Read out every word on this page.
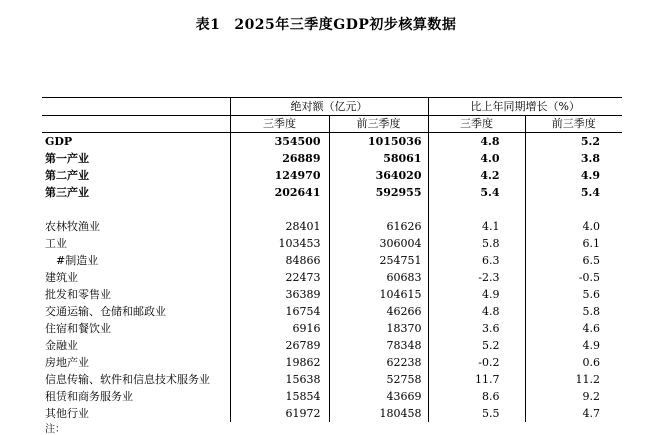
表1 2025年三季度GDP初步核算数据
	绝对额（亿元）		比上年同期增长（%）	
	三季度	前三季度	三季度	前三季度
GDP	354500	1015036	4.8	5.2
第一产业	26889	58061	4.0	3.8
第二产业	124970	364020	4.2	4.9
第三产业	202641	592955	5.4	5.4

农林牧渔业	28401	61626	4.1	4.0
工业	103453	306004	5.8	6.1
#制造业	84866	254751	6.3	6.5
建筑业	22473	60683	-2.3	-0.5
批发和零售业	36389	104615	4.9	5.6
交通运输、仓储和邮政业	16754	46266	4.8	5.8
住宿和餐饮业	6916	18370	3.6	4.6
金融业	26789	78348	5.2	4.9
房地产业	19862	62238	-0.2	0.6
信息传输、软件和信息技术服务业	15638	52758	11.7	11.2
租赁和商务服务业	15854	43669	8.6	9.2
其他行业	61972	180458	5.5	4.7
注：
